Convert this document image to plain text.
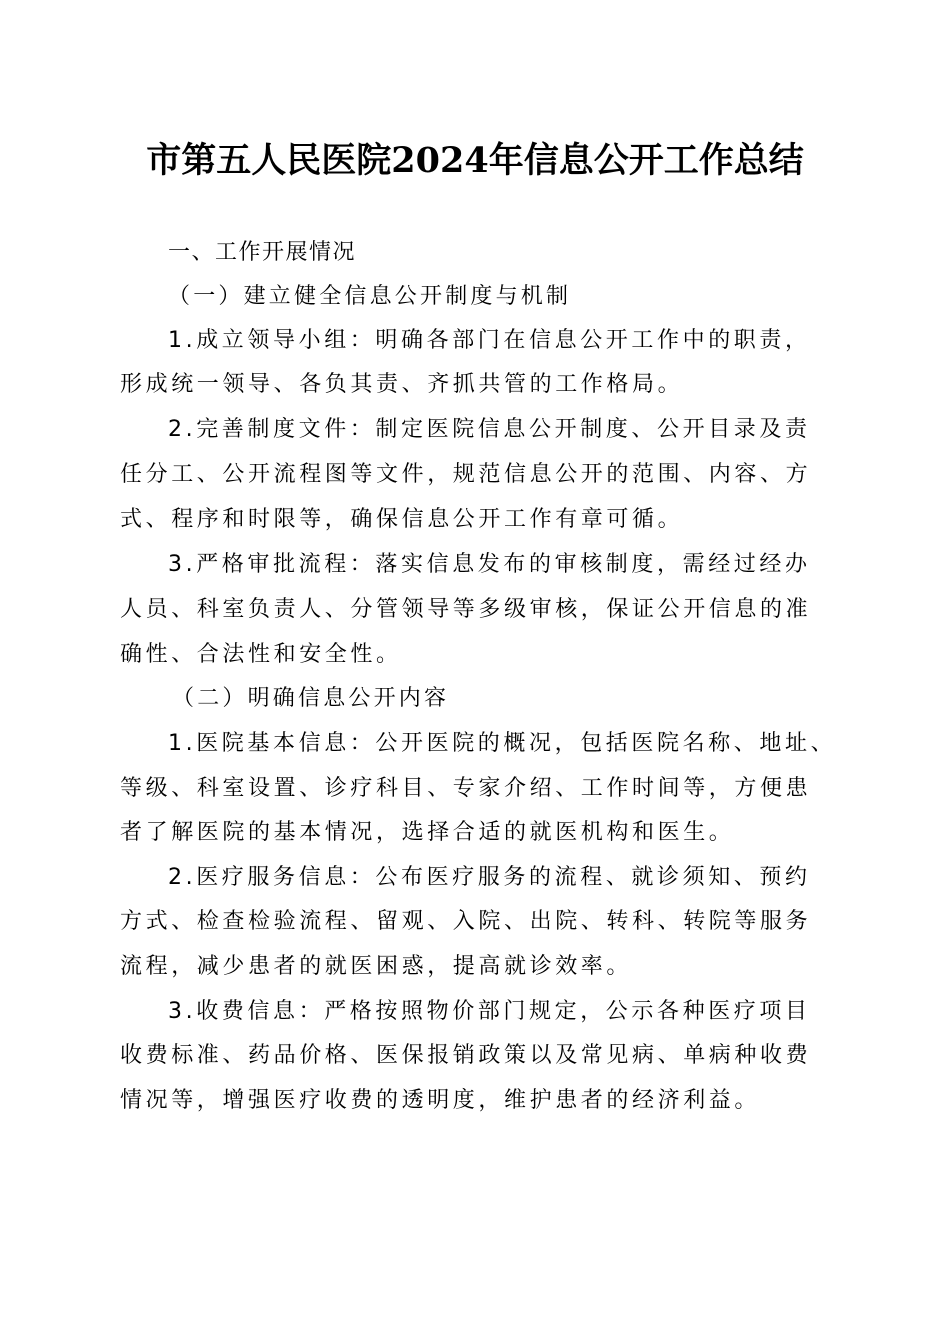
市第五人民医院2024年信息公开工作总结

一、工作开展情况

（一）建立健全信息公开制度与机制

1.成立领导小组：明确各部门在信息公开工作中的职责，

形成统一领导、各负其责、齐抓共管的工作格局。

2.完善制度文件：制定医院信息公开制度、公开目录及责

任分工、公开流程图等文件，规范信息公开的范围、内容、方

式、程序和时限等，确保信息公开工作有章可循。

3.严格审批流程：落实信息发布的审核制度，需经过经办

人员、科室负责人、分管领导等多级审核，保证公开信息的准

确性、合法性和安全性。

（二）明确信息公开内容

1.医院基本信息：公开医院的概况，包括医院名称、地址、

等级、科室设置、诊疗科目、专家介绍、工作时间等，方便患

者了解医院的基本情况，选择合适的就医机构和医生。

2.医疗服务信息：公布医疗服务的流程、就诊须知、预约

方式、检查检验流程、留观、入院、出院、转科、转院等服务

流程，减少患者的就医困惑，提高就诊效率。

3.收费信息：严格按照物价部门规定，公示各种医疗项目

收费标准、药品价格、医保报销政策以及常见病、单病种收费

情况等，增强医疗收费的透明度，维护患者的经济利益。
